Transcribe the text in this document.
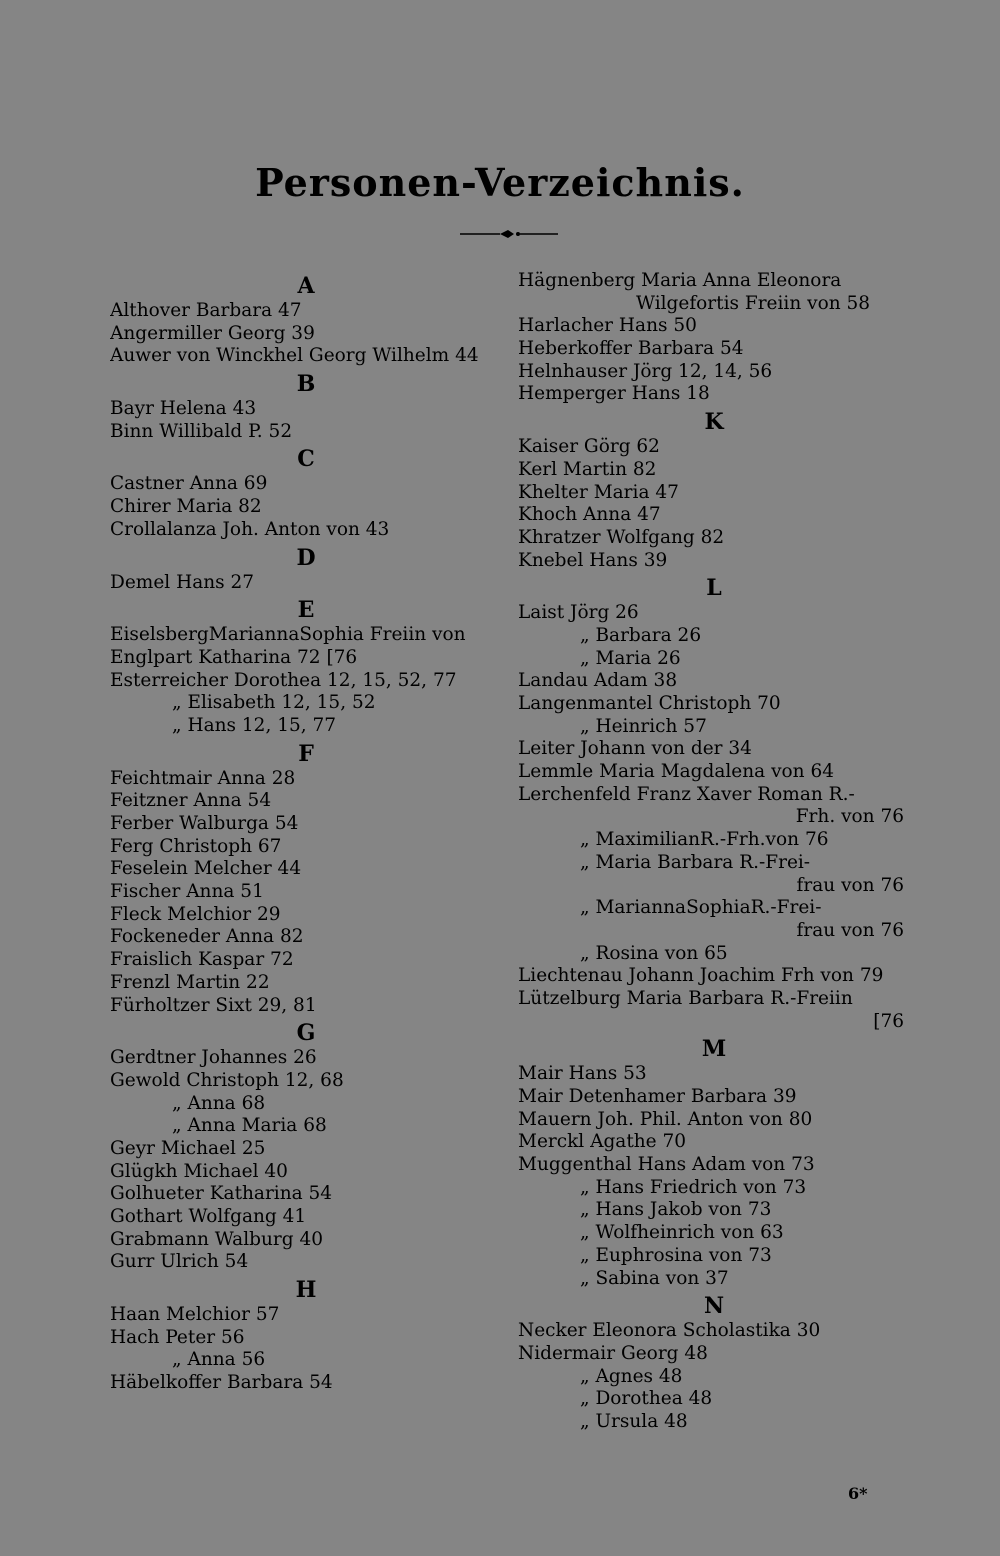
Personen-Verzeichnis.
A
Althover Barbara 47
Angermiller Georg 39
Auwer von Winckhel Georg Wilhelm 44
B
Bayr Helena 43
Binn Willibald P. 52
C
Castner Anna 69
Chirer Maria 82
Crollalanza Joh. Anton von 43
D
Demel Hans 27
E
EiselsbergMariannaSophia Freiin von
Englpart Katharina 72 [76
Esterreicher Dorothea 12, 15, 52, 77
„ Elisabeth 12, 15, 52
„ Hans 12, 15, 77
F
Feichtmair Anna 28
Feitzner Anna 54
Ferber Walburga 54
Ferg Christoph 67
Feselein Melcher 44
Fischer Anna 51
Fleck Melchior 29
Fockeneder Anna 82
Fraislich Kaspar 72
Frenzl Martin 22
Fürholtzer Sixt 29, 81
G
Gerdtner Johannes 26
Gewold Christoph 12, 68
„ Anna 68
„ Anna Maria 68
Geyr Michael 25
Glügkh Michael 40
Golhueter Katharina 54
Gothart Wolfgang 41
Grabmann Walburg 40
Gurr Ulrich 54
H
Haan Melchior 57
Hach Peter 56
„ Anna 56
Häbelkoffer Barbara 54
Hägnenberg Maria Anna Eleonora
Wilgefortis Freiin von 58
Harlacher Hans 50
Heberkoffer Barbara 54
Helnhauser Jörg 12, 14, 56
Hemperger Hans 18
K
Kaiser Görg 62
Kerl Martin 82
Khelter Maria 47
Khoch Anna 47
Khratzer Wolfgang 82
Knebel Hans 39
L
Laist Jörg 26
„ Barbara 26
„ Maria 26
Landau Adam 38
Langenmantel Christoph 70
„ Heinrich 57
Leiter Johann von der 34
Lemmle Maria Magdalena von 64
Lerchenfeld Franz Xaver Roman R.-
Frh. von 76
„ MaximilianR.-Frh.von 76
„ Maria Barbara R.-Frei-
frau von 76
„ MariannaSophiaR.-Frei-
frau von 76
„ Rosina von 65
Liechtenau Johann Joachim Frh von 79
Lützelburg Maria Barbara R.-Freiin
[76
M
Mair Hans 53
Mair Detenhamer Barbara 39
Mauern Joh. Phil. Anton von 80
Merckl Agathe 70
Muggenthal Hans Adam von 73
„ Hans Friedrich von 73
„ Hans Jakob von 73
„ Wolfheinrich von 63
„ Euphrosina von 73
„ Sabina von 37
N
Necker Eleonora Scholastika 30
Nidermair Georg 48
„ Agnes 48
„ Dorothea 48
„ Ursula 48
6*
